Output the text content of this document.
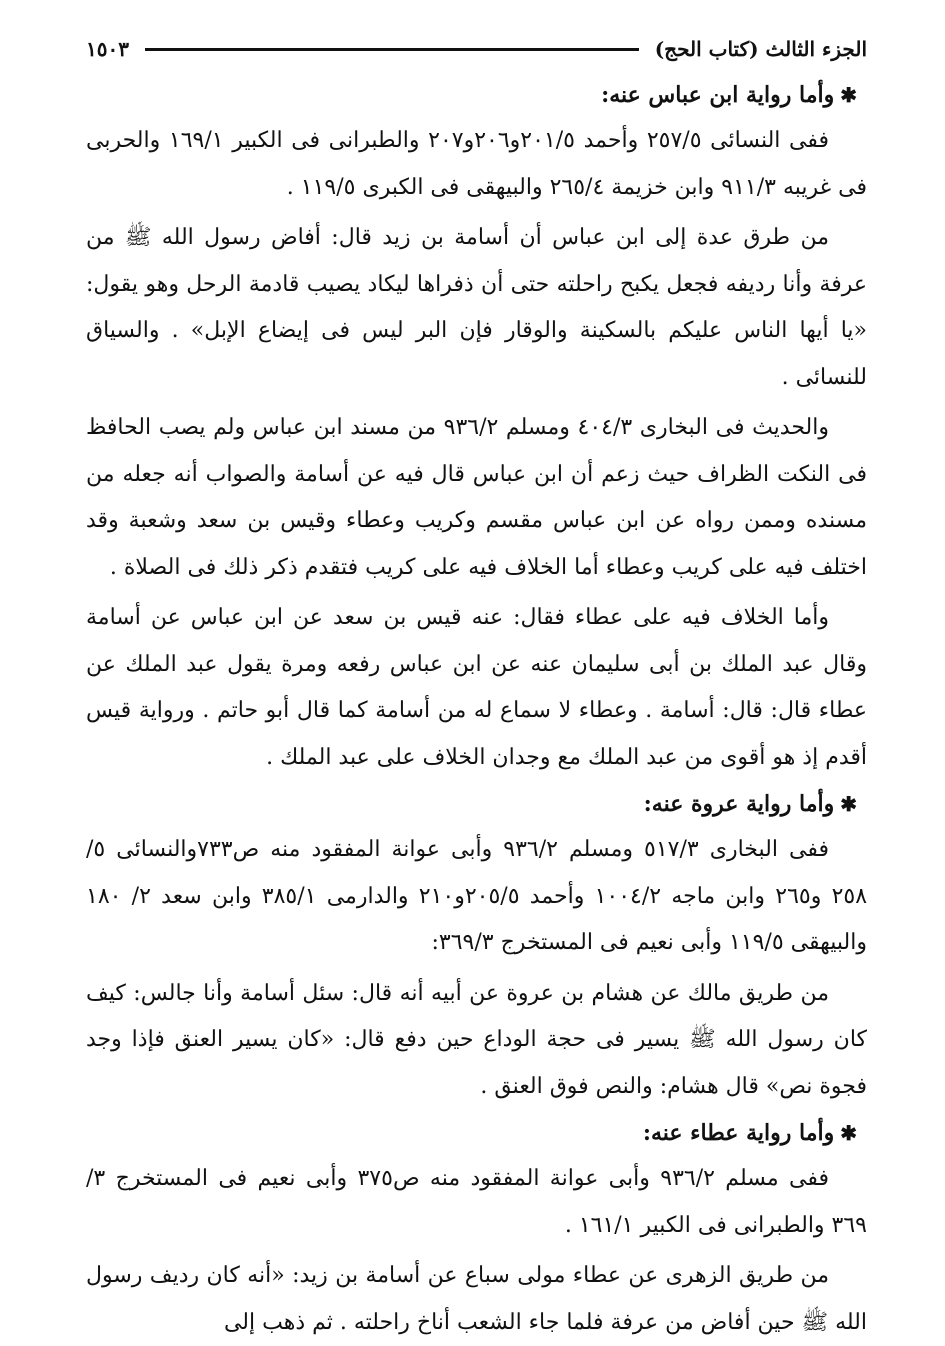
الجزء الثالث (كتاب الحج)
١٥٠٣
✱وأما رواية ابن عباس عنه:

ففى النسائى ٢٥٧/٥ وأحمد ٢٠١/٥و٢٠٦و٢٠٧ والطبرانى فى الكبير ١٦٩/١ والحربى فى غريبه ٩١١/٣ وابن خزيمة ٢٦٥/٤ والبيهقى فى الكبرى ١١٩/٥ .

من طرق عدة إلى ابن عباس أن أسامة بن زيد قال: أفاض رسول الله ﷺ من عرفة وأنا رديفه فجعل يكبح راحلته حتى أن ذفراها ليكاد يصيب قادمة الرحل وهو يقول: «يا أيها الناس عليكم بالسكينة والوقار فإن البر ليس فى إيضاع الإبل» . والسياق للنسائى .

والحديث فى البخارى ٤٠٤/٣ ومسلم ٩٣٦/٢ من مسند ابن عباس ولم يصب الحافظ فى النكت الظراف حيث زعم أن ابن عباس قال فيه عن أسامة والصواب أنه جعله من مسنده وممن رواه عن ابن عباس مقسم وكريب وعطاء وقيس بن سعد وشعبة وقد اختلف فيه على كريب وعطاء أما الخلاف فيه على كريب فتقدم ذكر ذلك فى الصلاة .

وأما الخلاف فيه على عطاء فقال: عنه قيس بن سعد عن ابن عباس عن أسامة وقال عبد الملك بن أبى سليمان عنه عن ابن عباس رفعه ومرة يقول عبد الملك عن عطاء قال: قال: أسامة . وعطاء لا سماع له من أسامة كما قال أبو حاتم . ورواية قيس أقدم إذ هو أقوى من عبد الملك مع وجدان الخلاف على عبد الملك .

✱وأما رواية عروة عنه:

ففى البخارى ٥١٧/٣ ومسلم ٩٣٦/٢ وأبى عوانة المفقود منه ص٧٣٣والنسائى ٥/ ٢٥٨ و٢٦٥ وابن ماجه ١٠٠٤/٢ وأحمد ٢٠٥/٥و٢١٠ والدارمى ٣٨٥/١ وابن سعد ٢/ ١٨٠ والبيهقى ١١٩/٥ وأبى نعيم فى المستخرج ٣٦٩/٣:

من طريق مالك عن هشام بن عروة عن أبيه أنه قال: سئل أسامة وأنا جالس: كيف كان رسول الله ﷺ يسير فى حجة الوداع حين دفع قال: «كان يسير العنق فإذا وجد فجوة نص» قال هشام: والنص فوق العنق .

✱وأما رواية عطاء عنه:

ففى مسلم ٩٣٦/٢ وأبى عوانة المفقود منه ص٣٧٥ وأبى نعيم فى المستخرج ٣/ ٣٦٩ والطبرانى فى الكبير ١٦١/١ .

من طريق الزهرى عن عطاء مولى سباع عن أسامة بن زيد: «أنه كان رديف رسول الله ﷺ حين أفاض من عرفة فلما جاء الشعب أناخ راحلته . ثم ذهب إلى
